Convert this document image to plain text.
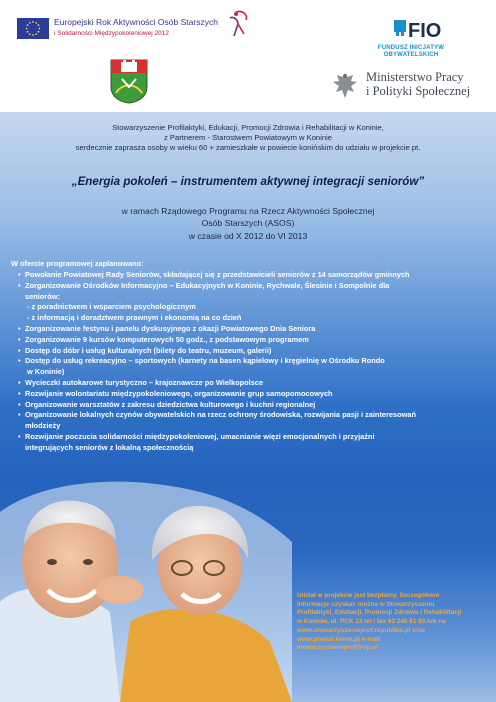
Europejski Rok Aktywności Osób Starszych
i Solidarności Międzypokoleniowej 2012	FIO
FUNDUSZ INICJATYW OBYWATELSKICH
Ministerstwo Pracy
i Polityki Społecznej
Stowarzyszenie Profilaktyki, Edukacji, Promocji Zdrowia i Rehabilitacji w Koninie,
z Partnerem - Starostwem Powiatowym w Koninie
serdecznie zaprasza osoby w wieku 60 + zamieszkałe w powiecie konińskim do udziału w projekcie pt.
„Energia pokoleń – instrumentem aktywnej integracji seniorów”
w ramach Rządowego Programu na Rzecz Aktywności Społecznej
Osób Starszych (ASOS)
w czasie od X 2012 do VI 2013
W ofercie programowej zaplanowano:
• Powołanie Powiatowej Rady Seniorów, składającej się z przedstawicieli seniorów z 14 samorządów gminnych
• Zorganizowanie Ośrodków Informacyjno – Edukacyjnych w Koninie, Rychwale, Ślesinie i Sompolnie dla
seniorów:
- z poradnictwem i wsparciem psychologicznym
- z informacją i doradztwem prawnym i ekonomią na co dzień
• Zorganizowanie festynu i panelu dyskusyjnego z okazji Powiatowego Dnia Seniora
• Zorganizowanie 9 kursów komputerowych 50 godz., z podstawowym programem
• Dostęp do dóbr i usług kulturalnych (bilety do teatru, muzeum, galerii)
• Dostęp do usług rekreacyjno – sportowych (karnety na basen kąpielowy i kręgielnię w Ośrodku Rondo
w Koninie)
• Wycieczki autokarowe turystyczno – krajoznawcze po Wielkopolsce
• Rozwijanie wolontariatu międzypokoleniowego, organizowanie grup samopomocowych
• Organizowanie warsztatów z zakresu dziedzictwa kulturowego i kuchni regionalnej
• Organizowanie lokalnych czynów obywatelskich na rzecz ochrony środowiska, rozwijania pasji i zainteresowań
młodzieży
• Rozwijanie poczucia solidarności międzypokoleniowej, umacnianie więzi emocjonalnych i przyjaźni
integrujących seniorów z lokalną społecznością
Udział w projekcie jest bezpłatny. Szczegółowe
informacje uzyskać można w Stowarzyszeniu
Profilaktyki, Edukacji, Promocji Zdrowia i Rehabilitacji
w Koninie, ul. PCK 13 tel / fax 63 240 61 93 lub na
www.stowarzyszenieprof.republika.pl oraz
www.powiat.konin.pl e-mail
stowarzyszenieprof@op.pl
